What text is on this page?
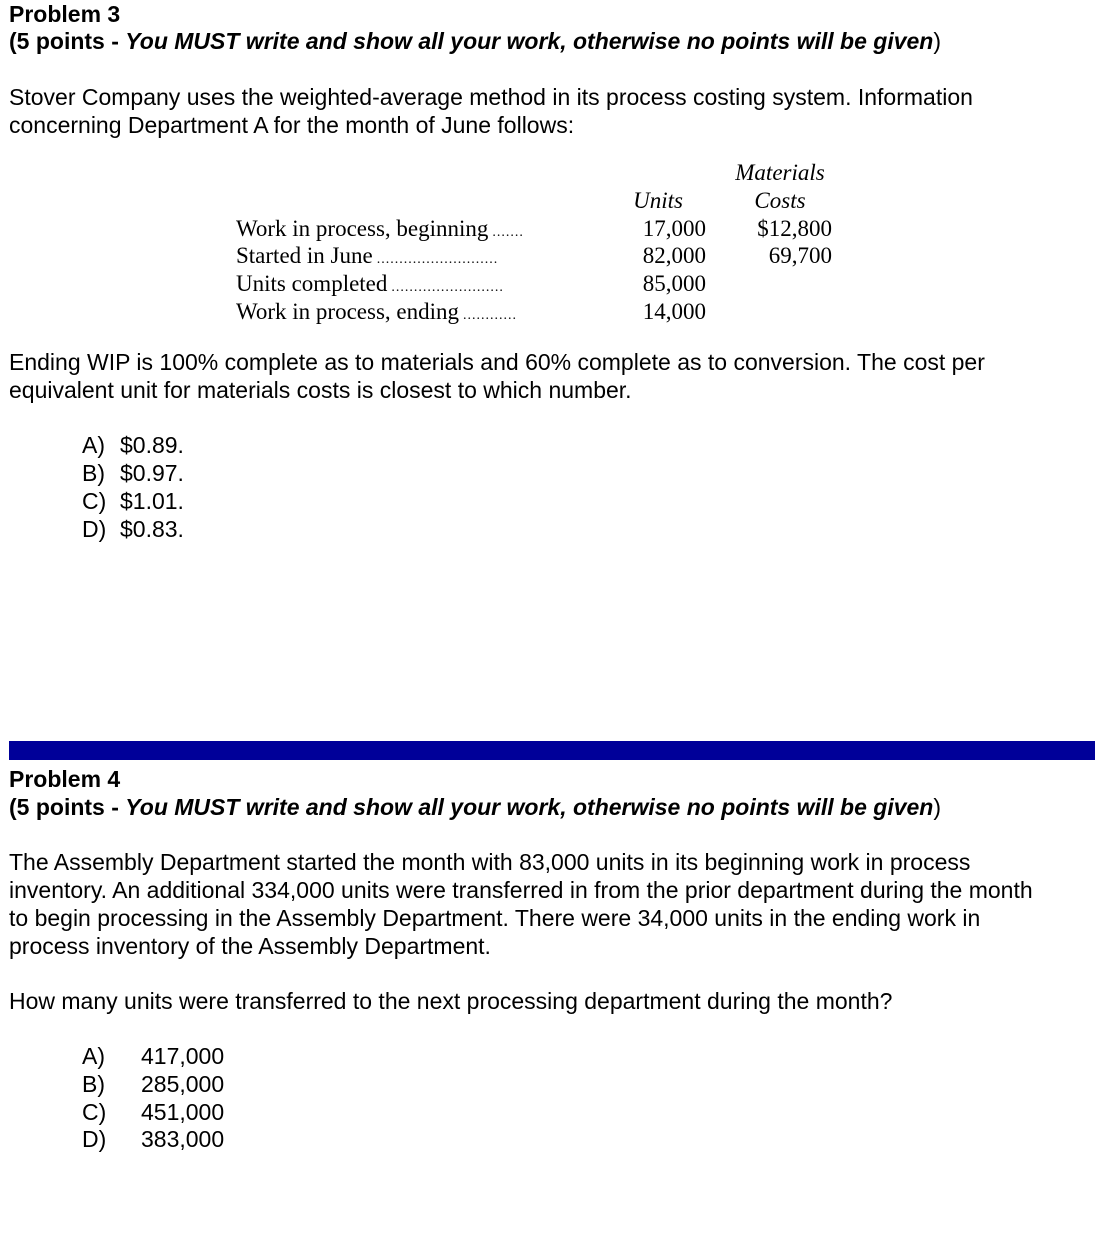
Problem 3
(5 points - You MUST write and show all your work, otherwise no points will be given)
Stover Company uses the weighted-average method in its process costing system. Information
concerning Department A for the month of June follows:
Materials
Units	Costs
Work in process, beginning .......	17,000	$12,800
Started in June ...........................	82,000	69,700
Units completed .........................	85,000
Work in process, ending ............	14,000
Ending WIP is 100% complete as to materials and 60% complete as to conversion. The cost per
equivalent unit for materials costs is closest to which number.
A) $0.89.
B) $0.97.
C) $1.01.
D) $0.83.
Problem 4
(5 points - You MUST write and show all your work, otherwise no points will be given)
The Assembly Department started the month with 83,000 units in its beginning work in process
inventory. An additional 334,000 units were transferred in from the prior department during the month
to begin processing in the Assembly Department. There were 34,000 units in the ending work in
process inventory of the Assembly Department.
How many units were transferred to the next processing department during the month?
A) 417,000
B) 285,000
C) 451,000
D) 383,000
